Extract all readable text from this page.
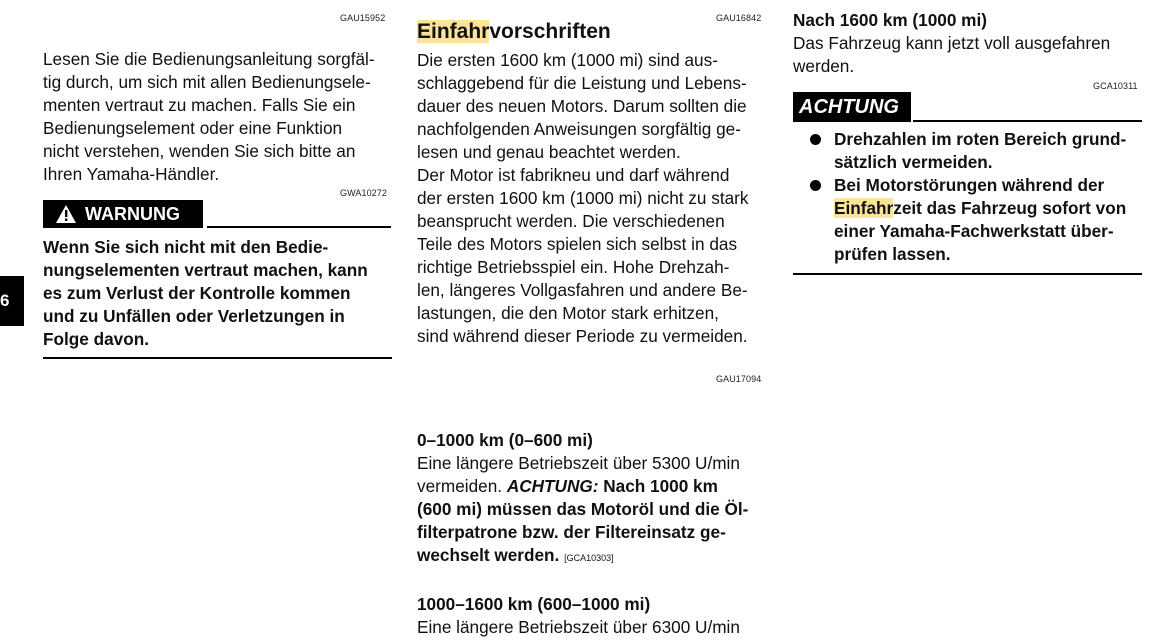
6
GAU15952
Lesen Sie die Bedienungsanleitung sorgfäl-
tig durch, um sich mit allen Bedienungsele-
menten vertraut zu machen. Falls Sie ein
Bedienungselement oder eine Funktion
nicht verstehen, wenden Sie sich bitte an
Ihren Yamaha-Händler.
GWA10272
WARNUNG
Wenn Sie sich nicht mit den Bedie-
nungselementen vertraut machen, kann
es zum Verlust der Kontrolle kommen
und zu Unfällen oder Verletzungen in
Folge davon.
GAU16842
Einfahrvorschriften
Die ersten 1600 km (1000 mi) sind aus-
schlaggebend für die Leistung und Lebens-
dauer des neuen Motors. Darum sollten die
nachfolgenden Anweisungen sorgfältig ge-
lesen und genau beachtet werden.
Der Motor ist fabrikneu und darf während
der ersten 1600 km (1000 mi) nicht zu stark
beansprucht werden. Die verschiedenen
Teile des Motors spielen sich selbst in das
richtige Betriebsspiel ein. Hohe Drehzah-
len, längeres Vollgasfahren und andere Be-
lastungen, die den Motor stark erhitzen,
sind während dieser Periode zu vermeiden.
GAU17094
0–1000 km (0–600 mi)
Eine längere Betriebszeit über 5300 U/min
vermeiden. ACHTUNG: Nach 1000 km
(600 mi) müssen das Motoröl und die Öl-
filterpatrone bzw. der Filtereinsatz ge-
wechselt werden. [GCA10303]
1000–1600 km (600–1000 mi)
Eine längere Betriebszeit über 6300 U/min
Nach 1600 km (1000 mi)
Das Fahrzeug kann jetzt voll ausgefahren
werden.
GCA10311
ACHTUNG
Drehzahlen im roten Bereich grund-
sätzlich vermeiden.
Bei Motorstörungen während der
Einfahrzeit das Fahrzeug sofort von
einer Yamaha-Fachwerkstatt über-
prüfen lassen.
